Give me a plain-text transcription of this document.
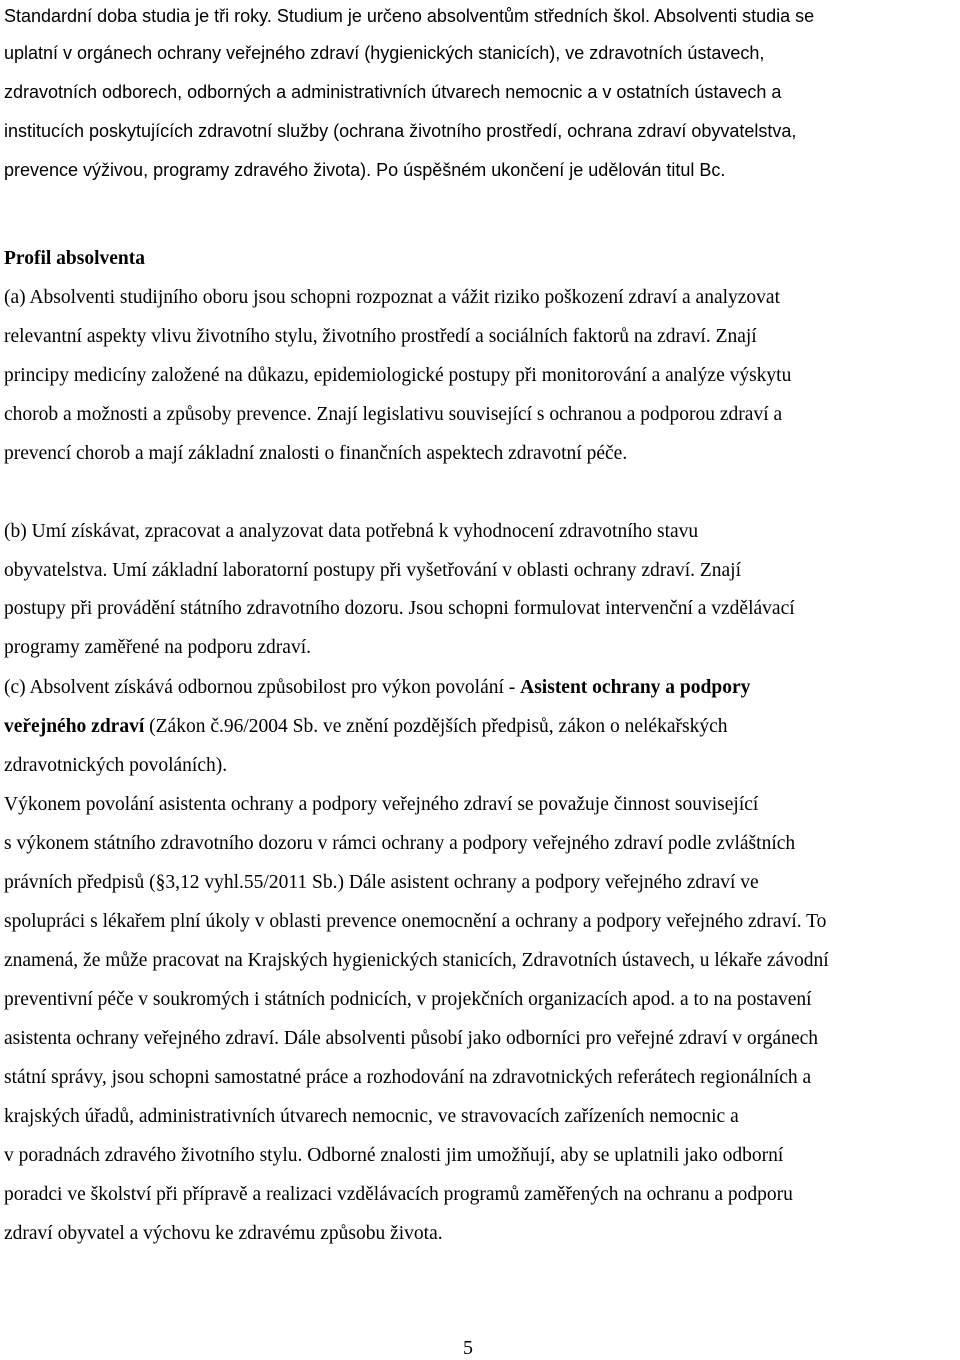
Standardní doba studia je tři roky. Studium je určeno absolventům středních škol. Absolventi studia se
uplatní v orgánech ochrany veřejného zdraví (hygienických stanicích), ve zdravotních ústavech,
zdravotních odborech, odborných a administrativních útvarech nemocnic a v ostatních ústavech a
institucích poskytujících zdravotní služby (ochrana životního prostředí, ochrana zdraví obyvatelstva,
prevence výživou, programy zdravého života). Po úspěšném ukončení je udělován titul Bc.
Profil absolventa
(a) Absolventi studijního oboru jsou schopni rozpoznat a vážit riziko poškození zdraví a analyzovat
relevantní aspekty vlivu životního stylu, životního prostředí a sociálních faktorů na zdraví. Znají
principy medicíny založené na důkazu, epidemiologické postupy při monitorování a analýze výskytu
chorob a možnosti a způsoby prevence. Znají legislativu související s ochranou a podporou zdraví a
prevencí chorob a mají základní znalosti o finančních aspektech zdravotní péče.
(b) Umí získávat, zpracovat a analyzovat data potřebná k vyhodnocení zdravotního stavu
obyvatelstva. Umí základní laboratorní postupy při vyšetřování v oblasti ochrany zdraví. Znají
postupy při provádění státního zdravotního dozoru. Jsou schopni formulovat intervenční a vzdělávací
programy zaměřené na podporu zdraví.
(c) Absolvent získává odbornou způsobilost pro výkon povolání - Asistent ochrany a podpory
veřejného zdraví (Zákon č.96/2004 Sb. ve znění pozdějších předpisů, zákon o nelékařských
zdravotnických povoláních).
Výkonem povolání asistenta ochrany a podpory veřejného zdraví se považuje činnost související
s výkonem státního zdravotního dozoru v rámci ochrany a podpory veřejného zdraví podle zvláštních
právních předpisů (§3,12 vyhl.55/2011 Sb.) Dále asistent ochrany a podpory veřejného zdraví ve
spolupráci s lékařem plní úkoly v oblasti prevence onemocnění a ochrany a podpory veřejného zdraví. To
znamená, že může pracovat na Krajských hygienických stanicích, Zdravotních ústavech, u lékaře závodní
preventivní péče v soukromých i státních podnicích, v projekčních organizacích apod. a to na postavení
asistenta ochrany veřejného zdraví. Dále absolventi působí jako odborníci pro veřejné zdraví v orgánech
státní správy, jsou schopni samostatné práce a rozhodování na zdravotnických referátech regionálních a
krajských úřadů, administrativních útvarech nemocnic, ve stravovacích zařízeních nemocnic a
v poradnách zdravého životního stylu. Odborné znalosti jim umožňují, aby se uplatnili jako odborní
poradci ve školství při přípravě a realizaci vzdělávacích programů zaměřených na ochranu a podporu
zdraví obyvatel a výchovu ke zdravému způsobu života.
5
